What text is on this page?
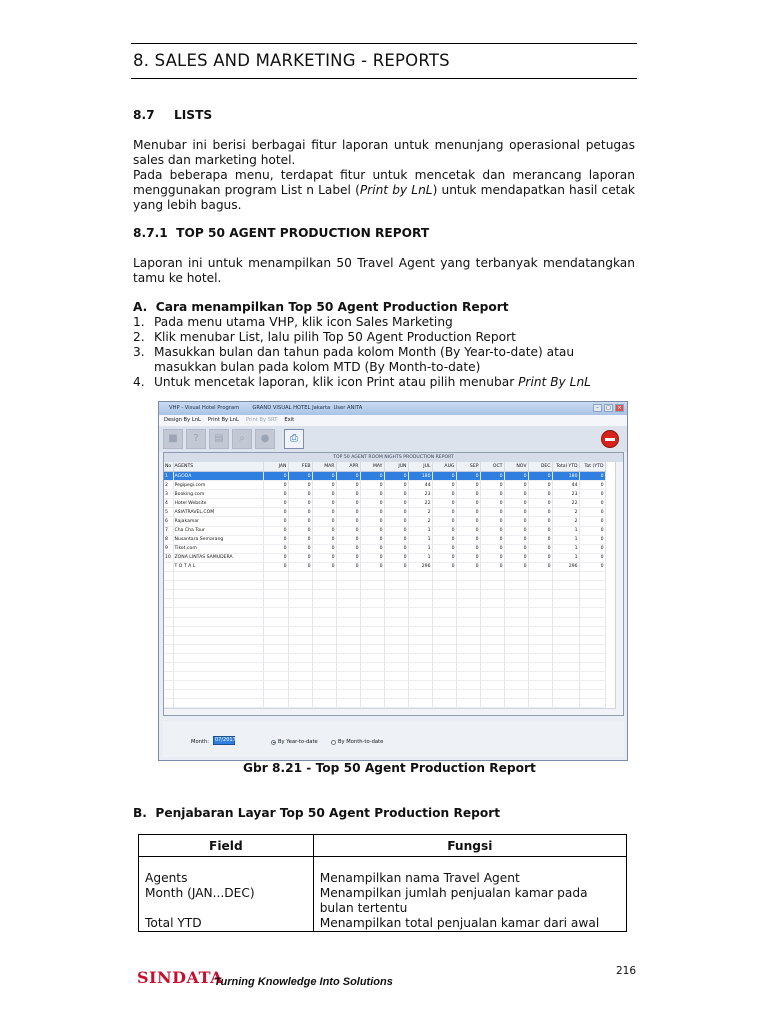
8. SALES AND MARKETING - REPORTS
8.7 LISTS

Menubar ini berisi berbagai fitur laporan untuk menunjang operasional petugas sales dan marketing hotel.

Pada beberapa menu, terdapat fitur untuk mencetak dan merancang laporan menggunakan program List n Label (Print by LnL) untuk mendapatkan hasil cetak yang lebih bagus.

8.7.1  TOP 50 AGENT PRODUCTION REPORT
Laporan ini untuk menampilkan 50 Travel Agent yang terbanyak mendatangkan tamu ke hotel.
A.  Cara menampilkan Top 50 Agent Production Report
1. Pada menu utama VHP, klik icon Sales Marketing
2. Klik menubar List, lalu pilih Top 50 Agent Production Report
3. Masukkan bulan dan tahun pada kolom Month (By Year-to-date) atau masukkan bulan pada kolom MTD (By Month-to-date)
4. Untuk mencetak laporan, klik icon Print atau pilih menubar Print By LnL
VHP - Visual Hotel Program        GRAND VISUAL HOTEL Jakarta  User ANITA	–	□	×
Design By LnL Print By LnL Print By SRT Exit
■	?	▤	⌕	●	⎙
TOP 50 AGENT ROOM NIGHTS PRODUCTION REPORT
No	AGENTS	JAN	FEB	MAR	APR	MAY	JUN	JUL	AUG	SEP	OCT	NOV	DEC	Total YTD	Tot (YTD
1	AGODA	0	0	0	0	0	0	180	0	0	0	0	0	180	0
2	Pegipegi.com	0	0	0	0	0	0	44	0	0	0	0	0	44	0
3	Booking.com	0	0	0	0	0	0	23	0	0	0	0	0	23	0
4	Hotel Website	0	0	0	0	0	0	22	0	0	0	0	0	22	0
5	ASIATRAVEL.COM	0	0	0	0	0	0	2	0	0	0	0	0	2	0
6	Rajakamar	0	0	0	0	0	0	2	0	0	0	0	0	2	0
7	Cha Cha Tour	0	0	0	0	0	0	1	0	0	0	0	0	1	0
8	Nusantara Semarang	0	0	0	0	0	0	1	0	0	0	0	0	1	0
9	Tiket.com	0	0	0	0	0	0	1	0	0	0	0	0	1	0
10	ZONA LINTAS SAMUDERA	0	0	0	0	0	0	1	0	0	0	0	0	1	0
	T O T A L	0	0	0	0	0	0	296	0	0	0	0	0	296	0

Month:	07/2017	By Year-to-date	By Month-to-date
Gbr 8.21 - Top 50 Agent Production Report
B.  Penjabaran Layar Top 50 Agent Production Report
Field	Fungsi
Agents	Menampilkan nama Travel Agent
Month (JAN...DEC)	Menampilkan jumlah penjualan kamar pada bulan tertentu
Total YTD	Menampilkan total penjualan kamar dari awal
SINDATA
Turning Knowledge Into Solutions
216
